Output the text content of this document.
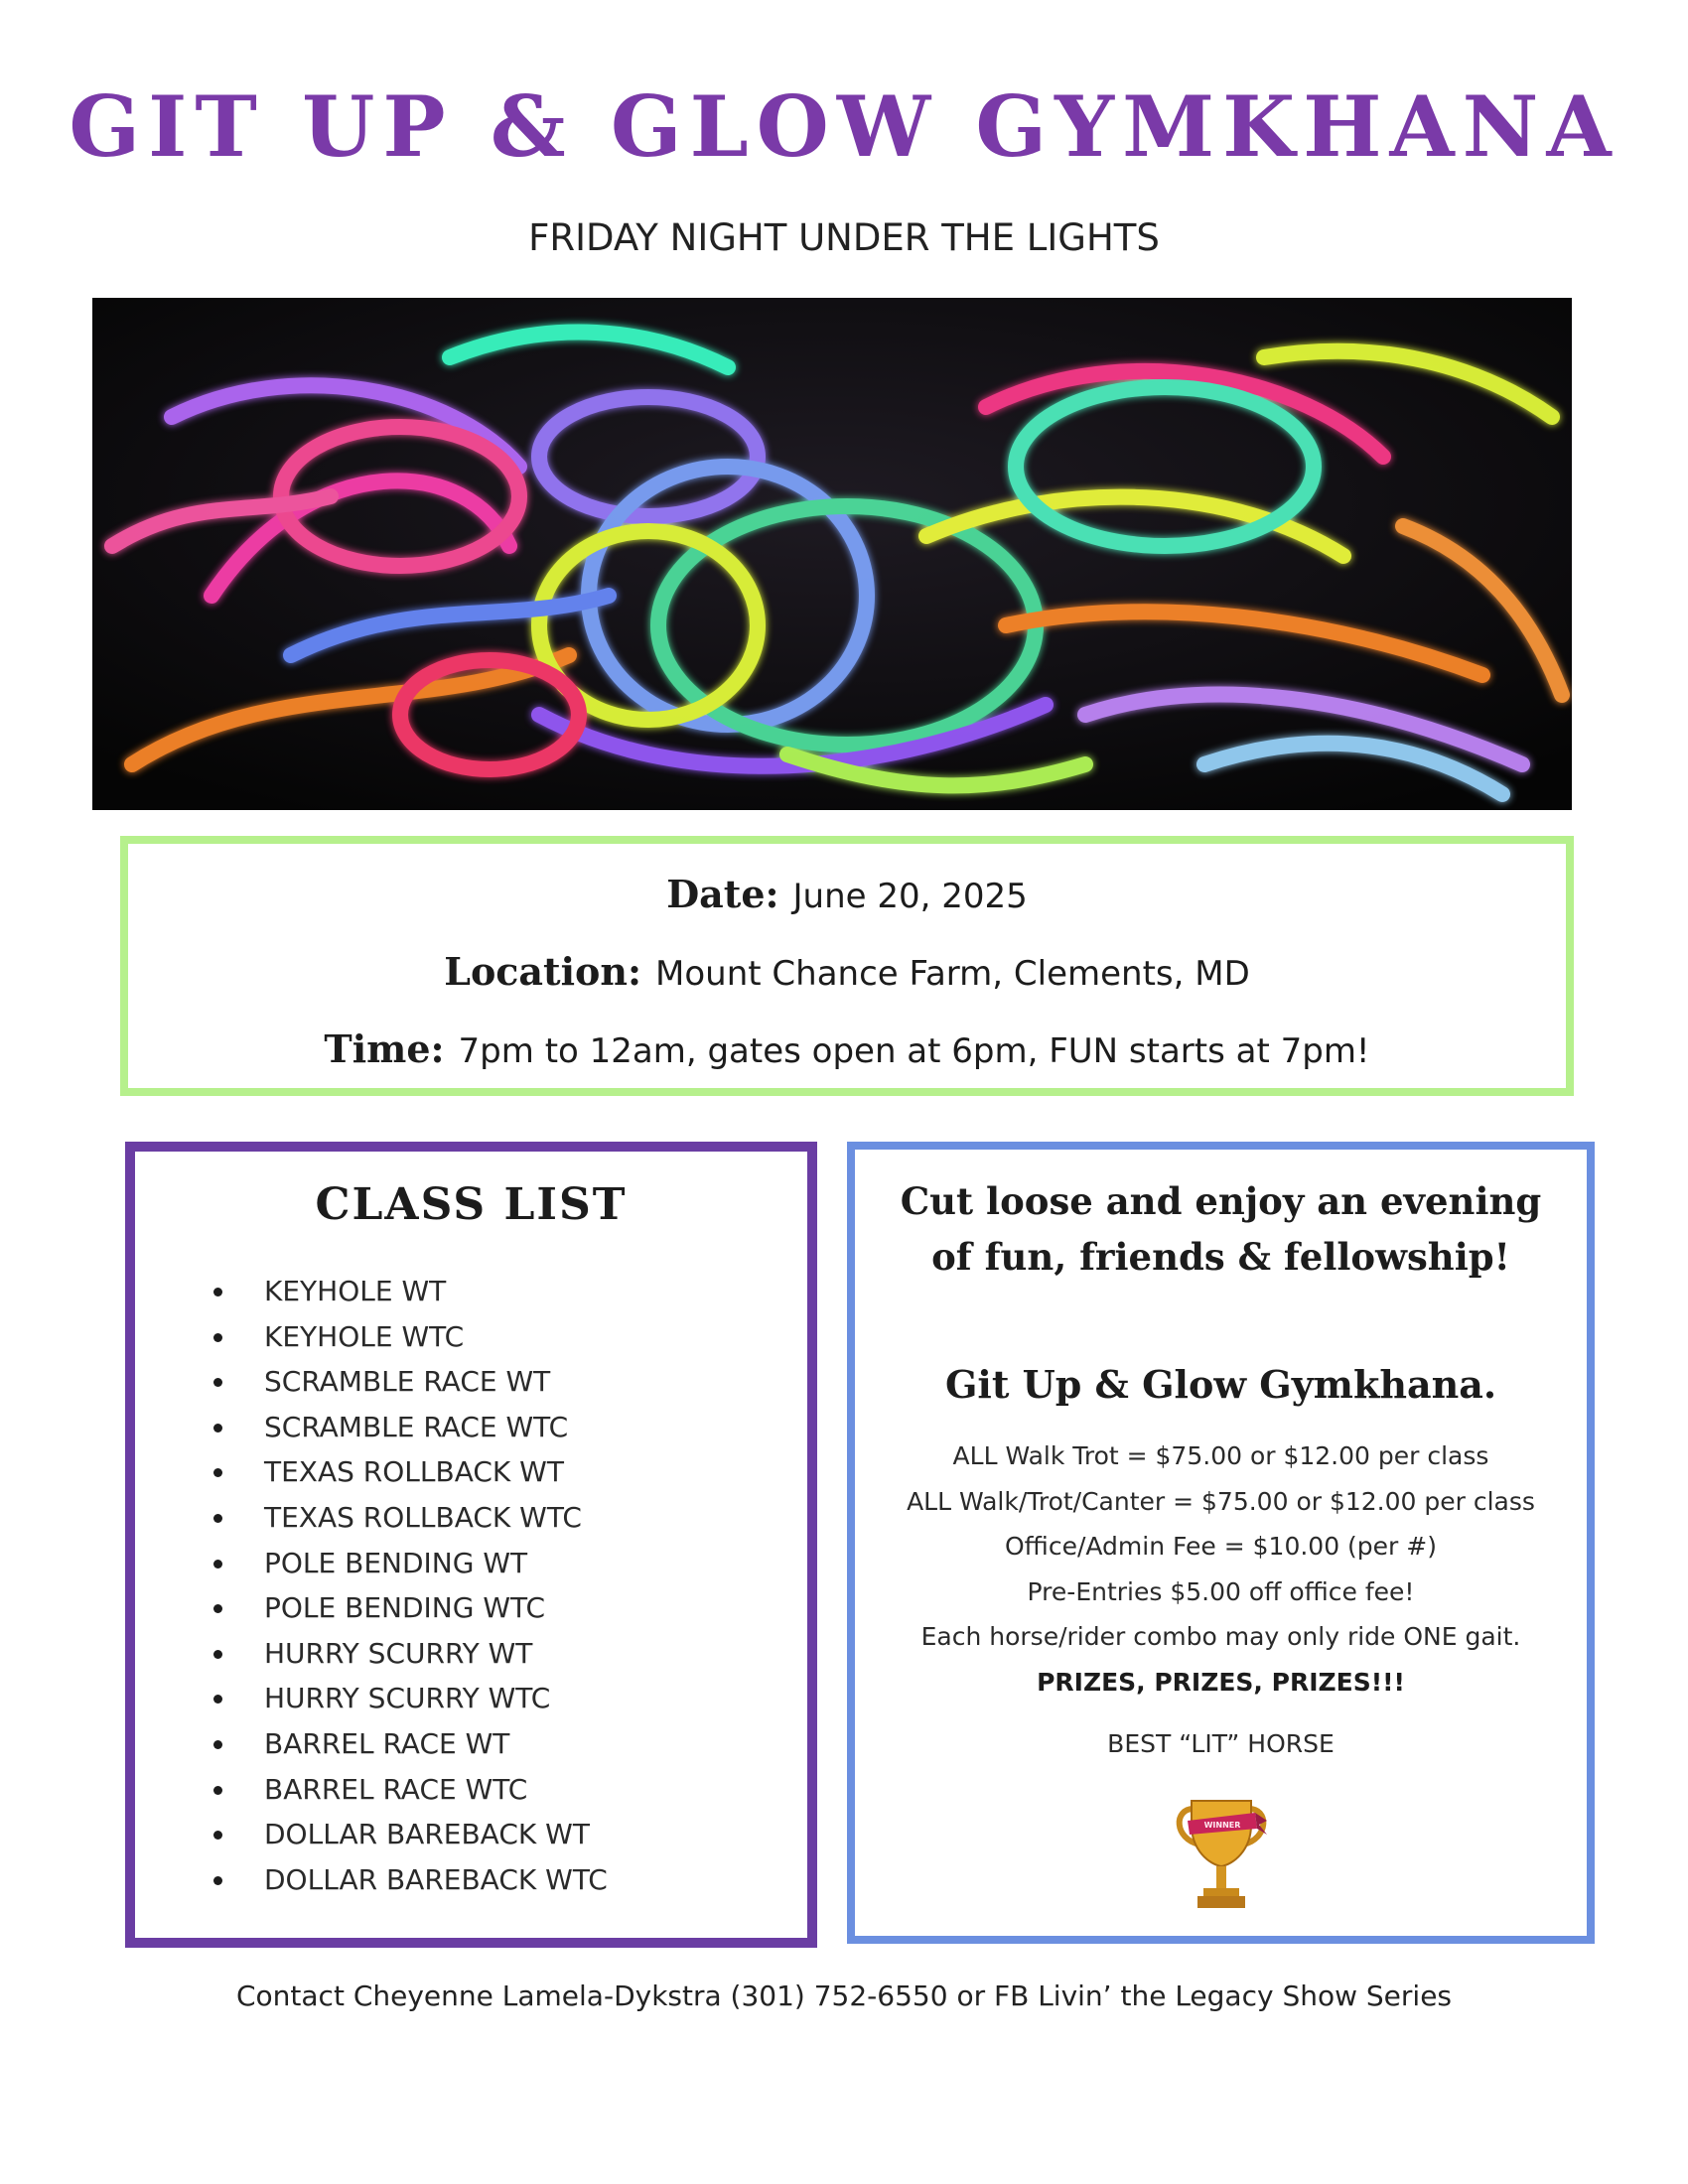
GIT UP & GLOW GYMKHANA
FRIDAY NIGHT UNDER THE LIGHTS
Date: June 20, 2025
Location: Mount Chance Farm, Clements, MD
Time: 7pm to 12am, gates open at 6pm, FUN starts at 7pm!
CLASS LIST
KEYHOLE WT
KEYHOLE WTC
SCRAMBLE RACE WT
SCRAMBLE RACE WTC
TEXAS ROLLBACK WT
TEXAS ROLLBACK WTC
POLE BENDING WT
POLE BENDING WTC
HURRY SCURRY WT
HURRY SCURRY WTC
BARREL RACE WT
BARREL RACE WTC
DOLLAR BAREBACK WT
DOLLAR BAREBACK WTC
Cut loose and enjoy an evening of fun, friends & fellowship!
Git Up & Glow Gymkhana.
ALL Walk Trot = $75.00 or $12.00 per class
ALL Walk/Trot/Canter = $75.00 or $12.00 per class
Office/Admin Fee = $10.00 (per #)
Pre-Entries $5.00 off office fee!
Each horse/rider combo may only ride ONE gait.
PRIZES, PRIZES, PRIZES!!!
BEST “LIT” HORSE
WINNER
Contact Cheyenne Lamela-Dykstra (301) 752-6550 or FB Livin’ the Legacy Show Series
